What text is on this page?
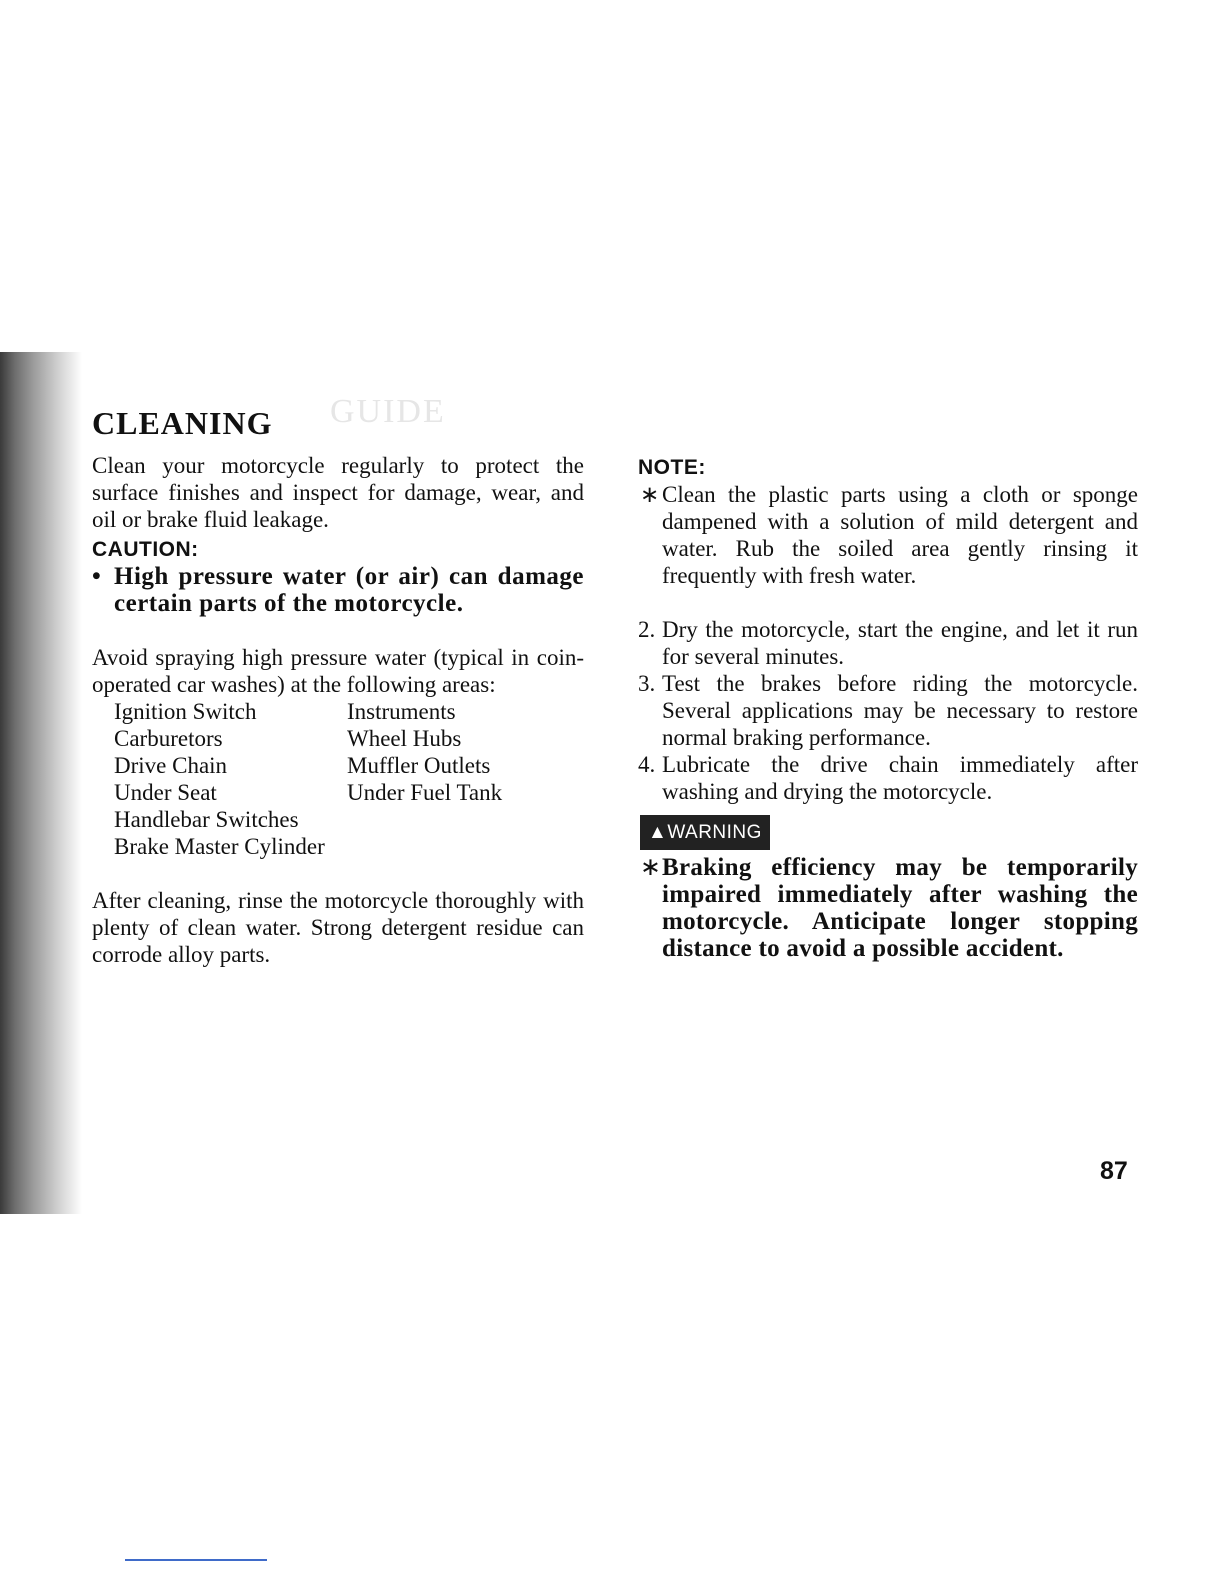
GUIDE
CLEANING

Clean your motorcycle regularly to protect the surface finishes and inspect for damage, wear, and oil or brake fluid leakage.

CAUTION:
• High pressure water (or air) can damage certain parts of the motorcycle.

Avoid spraying high pressure water (typical in coin-operated car washes) at the following areas:

Ignition Switch
Carburetors
Drive Chain
Under Seat
Handlebar Switches
Brake Master Cylinder
Instruments
Wheel Hubs
Muffler Outlets
Under Fuel Tank

After cleaning, rinse the motorcycle thoroughly with plenty of clean water. Strong detergent residue can corrode alloy parts.

NOTE:
∗ Clean the plastic parts using a cloth or sponge dampened with a solution of mild detergent and water. Rub the soiled area gently rinsing it frequently with fresh water.
2. Dry the motorcycle, start the engine, and let it run for several minutes.
3. Test the brakes before riding the motorcycle. Several applications may be necessary to restore normal braking performance.
4. Lubricate the drive chain immediately after washing and drying the motorcycle.
▲WARNING
∗ Braking efficiency may be temporarily impaired immediately after washing the motorcycle. Anticipate longer stopping distance to avoid a possible accident.
87
